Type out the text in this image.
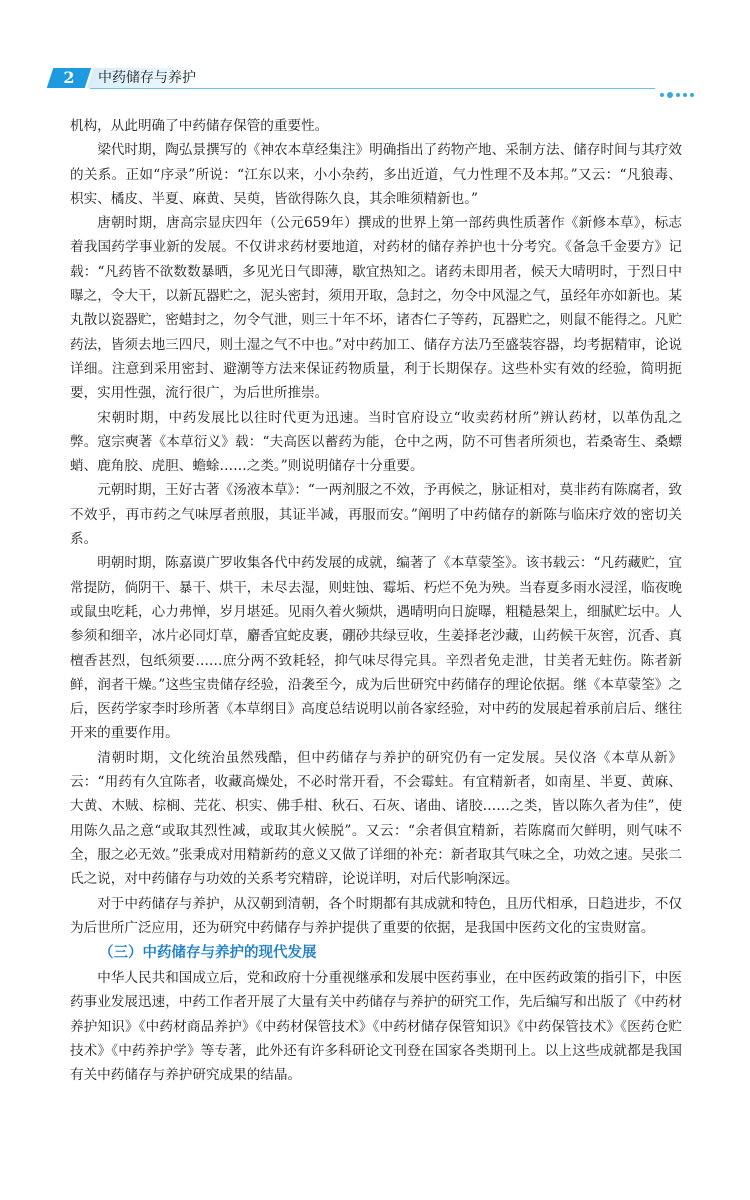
2	中药储存与养护

机构，从此明确了中药储存保管的重要性。

梁代时期，陶弘景撰写的《神农本草经集注》明确指出了药物产地、采制方法、储存时间与其疗效的关系。正如“序录”所说：“江东以来，小小杂药，多出近道，气力性理不及本邦。”又云：“凡狼毒、枳实、橘皮、半夏、麻黄、吴萸，皆欲得陈久良，其余唯须精新也。”

唐朝时期，唐高宗显庆四年（公元659年）撰成的世界上第一部药典性质著作《新修本草》，标志着我国药学事业新的发展。不仅讲求药材要地道，对药材的储存养护也十分考究。《备急千金要方》记载：“凡药皆不欲数数暴晒，多见光日气即薄，歇宜热知之。诸药未即用者，候天大晴明时，于烈日中曝之，令大干，以新瓦器贮之，泥头密封，须用开取，急封之，勿令中风湿之气，虽经年亦如新也。某丸散以瓷器贮，密蜡封之，勿令气泄，则三十年不坏，诸杏仁子等药，瓦器贮之，则鼠不能得之。凡贮药法，皆须去地三四尺，则土湿之气不中也。”对中药加工、储存方法乃至盛装容器，均考据精审，论说详细。注意到采用密封、避潮等方法来保证药物质量，利于长期保存。这些朴实有效的经验，简明扼要，实用性强，流行很广，为后世所推崇。

宋朝时期，中药发展比以往时代更为迅速。当时官府设立“收卖药材所”辨认药材，以革伪乱之弊。寇宗奭著《本草衍义》载：“夫高医以蓄药为能，仓中之两，防不可售者所须也，若桑寄生、桑螵蛸、鹿角胶、虎胆、蟾蜍……之类。”则说明储存十分重要。

元朝时期，王好古著《汤液本草》：“一两剂服之不效，予再候之，脉证相对，莫非药有陈腐者，致不效乎，再市药之气味厚者煎服，其证半减，再服而安。”阐明了中药储存的新陈与临床疗效的密切关系。

明朝时期，陈嘉谟广罗收集各代中药发展的成就，编著了《本草蒙筌》。该书载云：“凡药藏贮，宜常提防，倘阴干、暴干、烘干，未尽去湿，则蛀蚀、霉垢、朽烂不免为殃。当春夏多雨水浸淫，临夜晚或鼠虫吃耗，心力弗惮，岁月堪延。见雨久着火频烘，遇晴明向日旋曝，粗糙悬架上，细腻贮坛中。人参须和细辛，冰片必同灯草，麝香宜蛇皮裹，硼砂共绿豆收，生姜择老沙藏，山药候干灰窖，沉香、真檀香甚烈，包纸须要……庶分两不致耗轻，抑气味尽得完具。辛烈者免走泄，甘美者无蛀伤。陈者新鲜，润者干燥。”这些宝贵储存经验，沿袭至今，成为后世研究中药储存的理论依据。继《本草蒙筌》之后，医药学家李时珍所著《本草纲目》高度总结说明以前各家经验，对中药的发展起着承前启后、继往开来的重要作用。

清朝时期，文化统治虽然残酷，但中药储存与养护的研究仍有一定发展。吴仪洛《本草从新》云：“用药有久宜陈者，收藏高燥处，不必时常开看，不会霉蛀。有宜精新者，如南星、半夏、黄麻、大黄、木贼、棕榈、芫花、枳实、佛手柑、秋石、石灰、诸曲、诸胶……之类，皆以陈久者为佳”，使用陈久品之意“或取其烈性减，或取其火候脱”。又云：“余者俱宜精新，若陈腐而欠鲜明，则气味不全，服之必无效。”张秉成对用精新药的意义又做了详细的补充：新者取其气味之全，功效之速。吴张二氏之说，对中药储存与功效的关系考究精辟，论说详明，对后代影响深远。

对于中药储存与养护，从汉朝到清朝，各个时期都有其成就和特色，且历代相承，日趋进步，不仅为后世所广泛应用，还为研究中药储存与养护提供了重要的依据，是我国中医药文化的宝贵财富。

（三）中药储存与养护的现代发展

中华人民共和国成立后，党和政府十分重视继承和发展中医药事业，在中医药政策的指引下，中医药事业发展迅速，中药工作者开展了大量有关中药储存与养护的研究工作，先后编写和出版了《中药材养护知识》《中药材商品养护》《中药材保管技术》《中药材储存保管知识》《中药保管技术》《医药仓贮技术》《中药养护学》等专著，此外还有许多科研论文刊登在国家各类期刊上。以上这些成就都是我国有关中药储存与养护研究成果的结晶。
